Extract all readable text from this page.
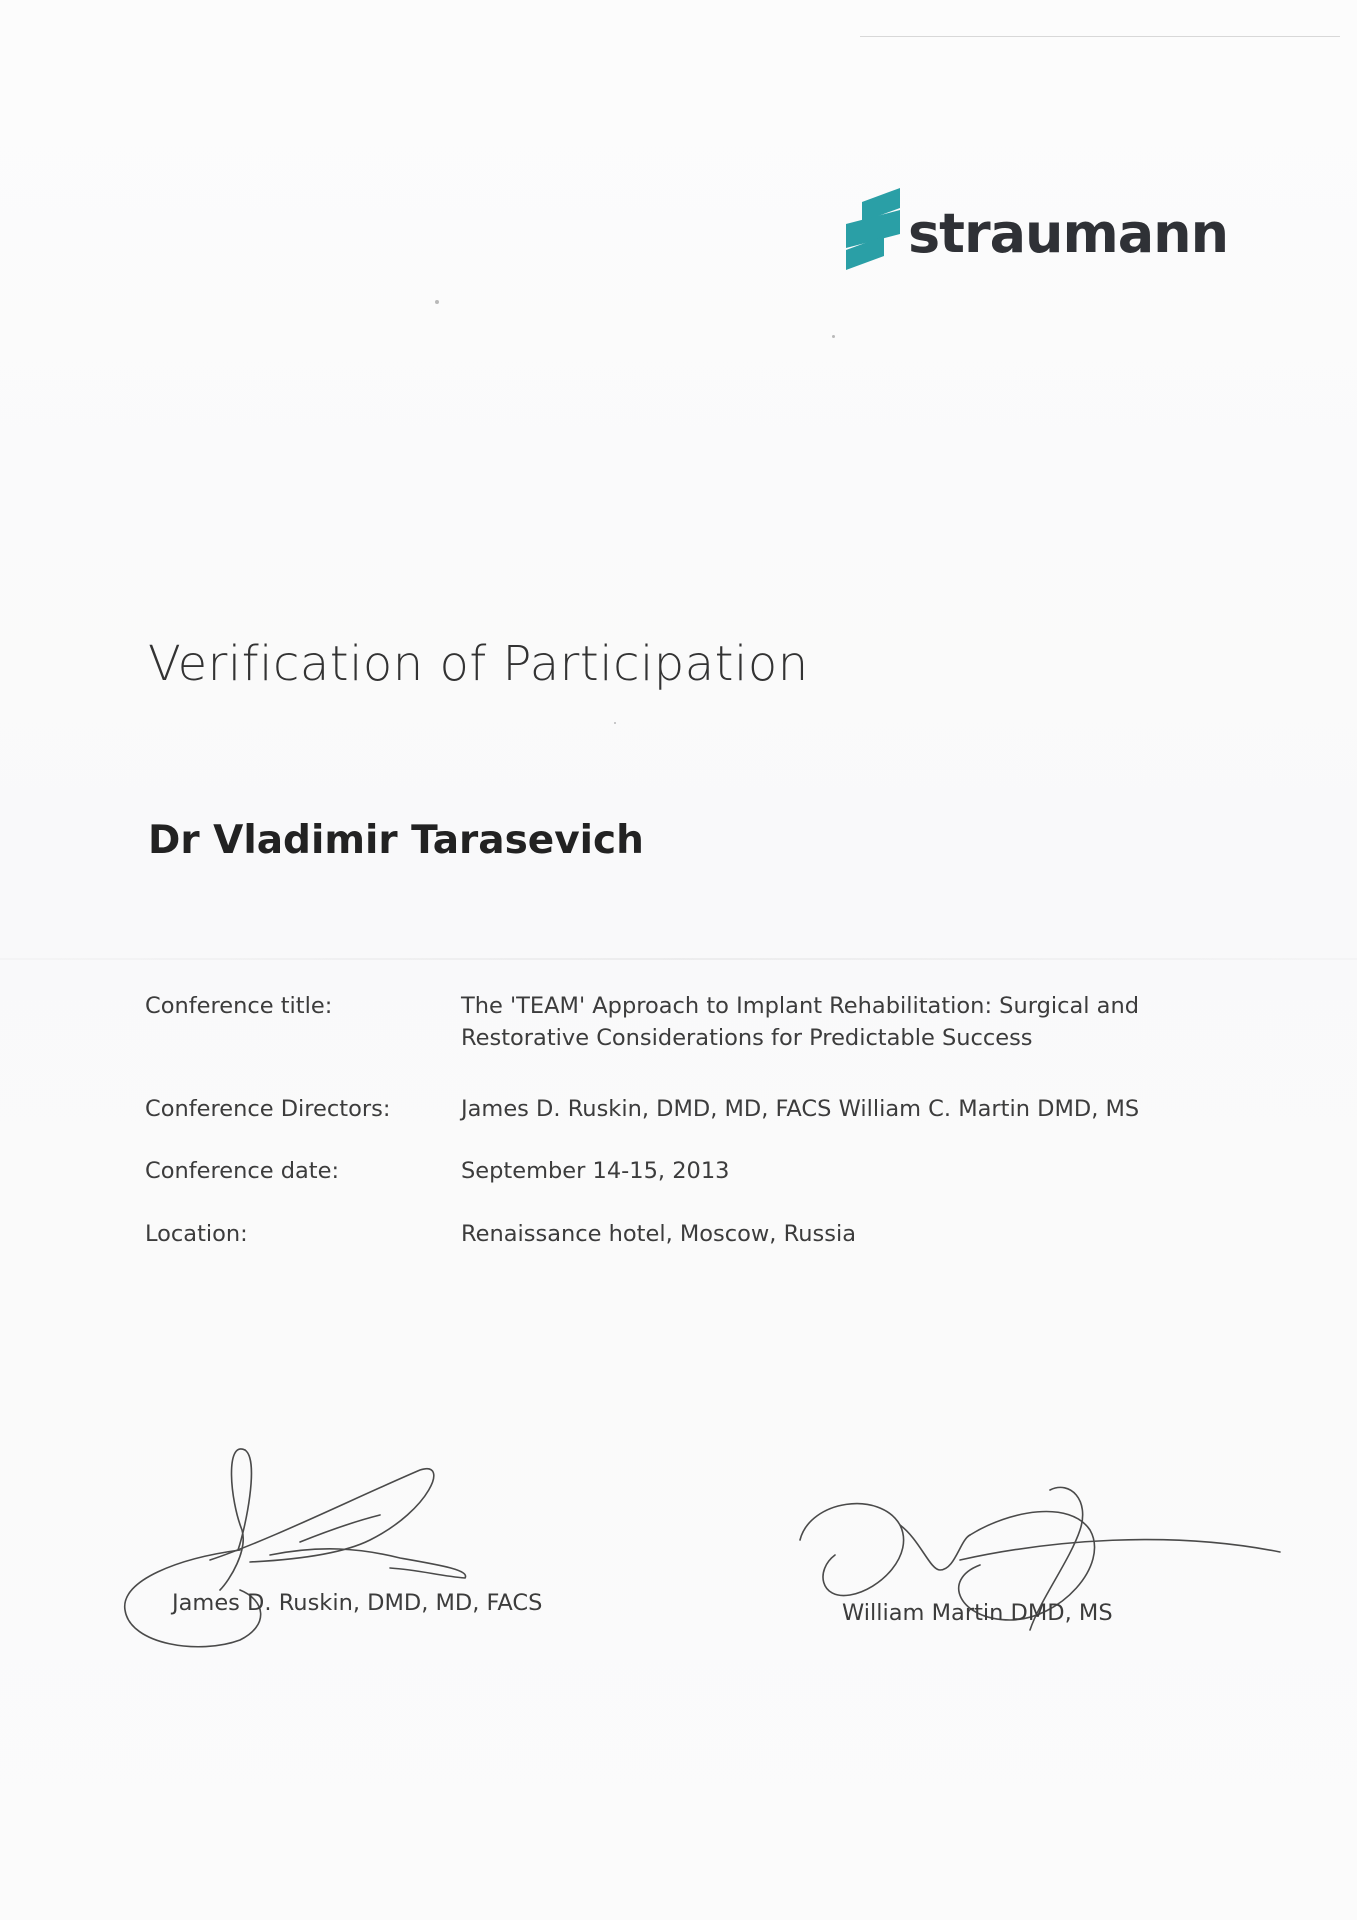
straumann
Verification of Participation
Dr Vladimir Tarasevich
Conference title:	The 'TEAM' Approach to Implant Rehabilitation: Surgical and Restorative Considerations for Predictable Success
Conference Directors:	James D. Ruskin, DMD, MD, FACS William C. Martin DMD, MS
Conference date:	September 14-15, 2013
Location:	Renaissance hotel, Moscow, Russia
James D. Ruskin, DMD, MD, FACS	William Martin DMD, MS
